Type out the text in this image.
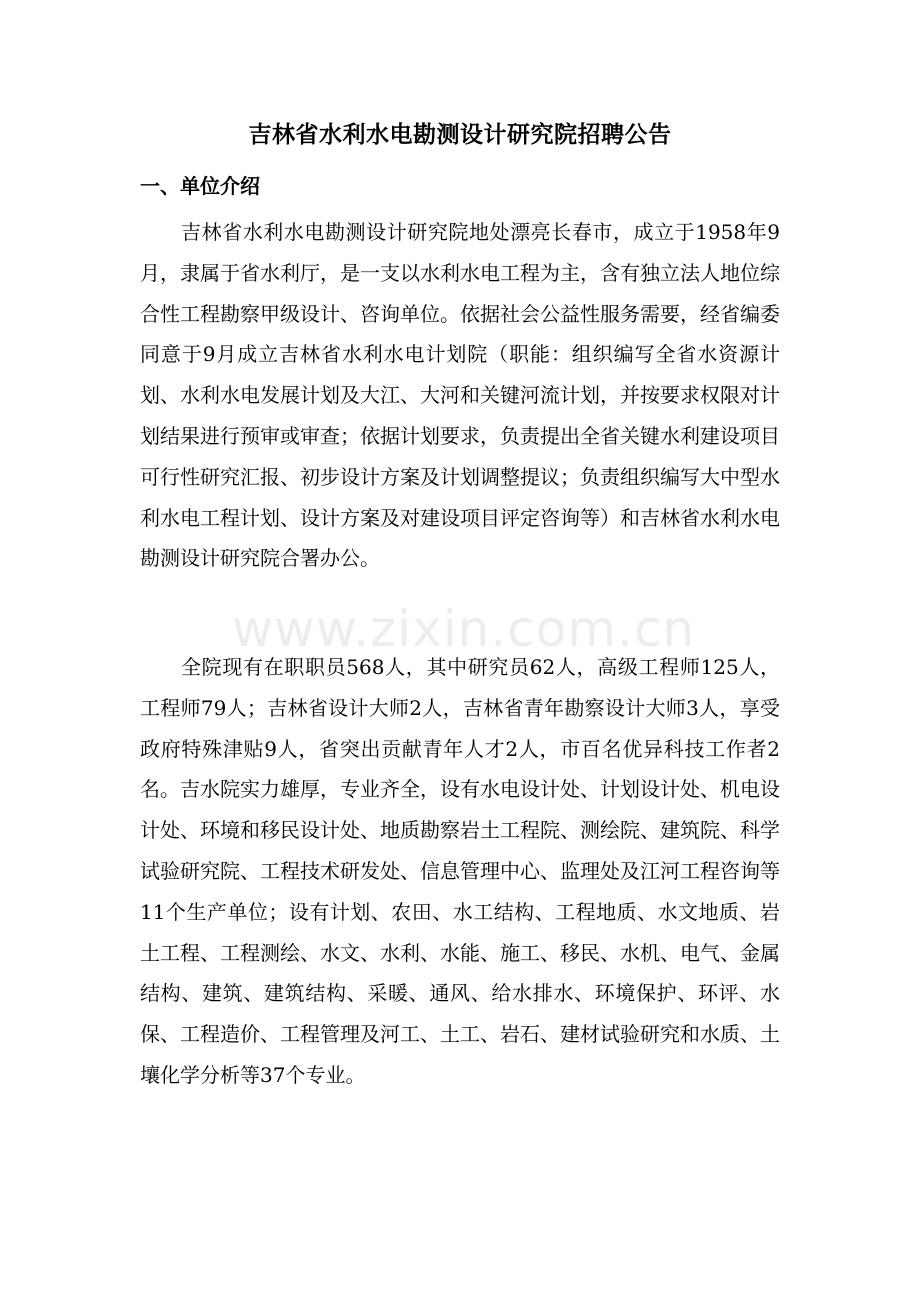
吉林省水利水电勘测设计研究院招聘公告
一、单位介绍

吉林省水利水电勘测设计研究院地处漂亮长春市，成立于1958年9月，隶属于省水利厅，是一支以水利水电工程为主，含有独立法人地位综合性工程勘察甲级设计、咨询单位。依据社会公益性服务需要，经省编委同意于9月成立吉林省水利水电计划院（职能：组织编写全省水资源计划、水利水电发展计划及大江、大河和关键河流计划，并按要求权限对计划结果进行预审或审查；依据计划要求，负责提出全省关键水利建设项目可行性研究汇报、初步设计方案及计划调整提议；负责组织编写大中型水利水电工程计划、设计方案及对建设项目评定咨询等）和吉林省水利水电勘测设计研究院合署办公。

全院现有在职职员568人，其中研究员62人，高级工程师125人，工程师79人；吉林省设计大师2人，吉林省青年勘察设计大师3人，享受政府特殊津贴9人，省突出贡献青年人才2人，市百名优异科技工作者2名。吉水院实力雄厚，专业齐全，设有水电设计处、计划设计处、机电设计处、环境和移民设计处、地质勘察岩土工程院、测绘院、建筑院、科学试验研究院、工程技术研发处、信息管理中心、监理处及江河工程咨询等11个生产单位；设有计划、农田、水工结构、工程地质、水文地质、岩土工程、工程测绘、水文、水利、水能、施工、移民、水机、电气、金属结构、建筑、建筑结构、采暖、通风、给水排水、环境保护、环评、水保、工程造价、工程管理及河工、土工、岩石、建材试验研究和水质、土壤化学分析等37个专业。

www.zixin.com.cn
